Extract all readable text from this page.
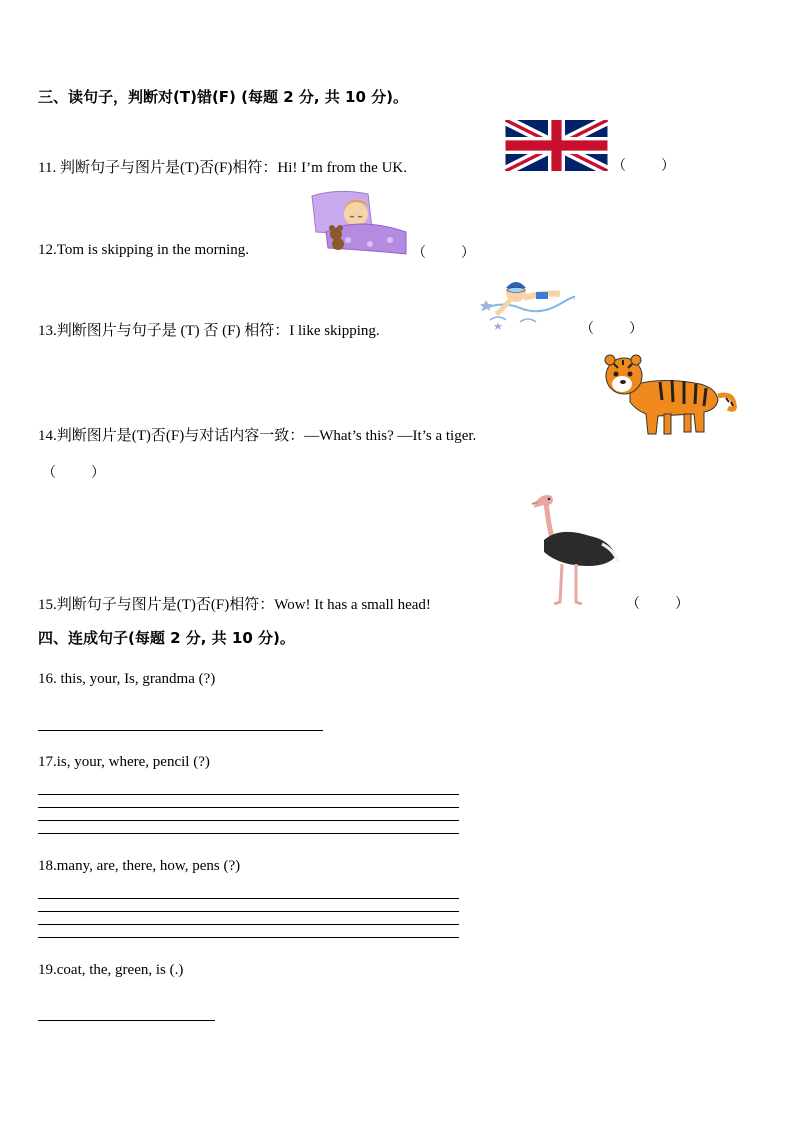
三、读句子，判断对(T)错(F) (每题 2 分, 共 10 分)。
11. 判断句子与图片是(T)否(F)相符：Hi! I’m from the UK.	（          ）
12.Tom is skipping in the morning.	（          ）
13.判断图片与句子是 (T) 否 (F) 相符：I like skipping.	（          ）
14.判断图片是(T)否(F)与对话内容一致：—What’s this? —It’s a tiger.
（          ）
15.判断句子与图片是(T)否(F)相符：Wow! It has a small head!	（          ）
四、连成句子(每题 2 分, 共 10 分)。
16. this, your, Is, grandma (?)
17.is, your, where, pencil (?)
18.many, are, there, how, pens (?)
19.coat, the, green, is (.)
